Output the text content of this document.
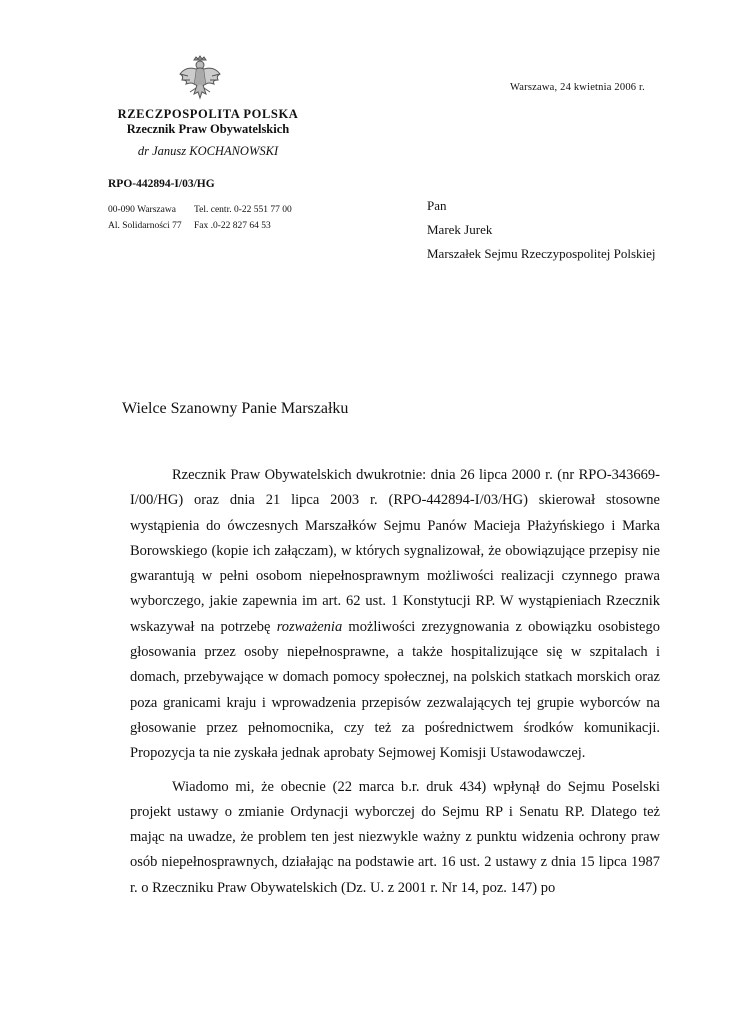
Warszawa, 24 kwietnia 2006 r.
RZECZPOSPOLITA POLSKA
Rzecznik Praw Obywatelskich
dr Janusz KOCHANOWSKI
RPO-442894-I/03/HG
00-090 Warszawa	Tel. centr. 0-22 551 77 00
Al. Solidarności 77	Fax .0-22 827 64 53
Pan
Marek Jurek
Marszałek Sejmu Rzeczypospolitej Polskiej
Wielce Szanowny Panie Marszałku

Rzecznik Praw Obywatelskich dwukrotnie: dnia 26 lipca 2000 r. (nr RPO-343669-I/00/HG) oraz dnia 21 lipca 2003 r. (RPO-442894-I/03/HG) skierował stosowne wystąpienia do ówczesnych Marszałków Sejmu Panów Macieja Płażyńskiego i Marka Borowskiego (kopie ich załączam), w których sygnalizował, że obowiązujące przepisy nie gwarantują w pełni osobom niepełnosprawnym możliwości realizacji czynnego prawa wyborczego, jakie zapewnia im art. 62 ust. 1 Konstytucji RP. W wystąpieniach Rzecznik wskazywał na potrzebę rozważenia możliwości zrezygnowania z obowiązku osobistego głosowania przez osoby niepełnosprawne, a także hospitalizujące się w szpitalach i domach, przebywające w domach pomocy społecznej, na polskich statkach morskich oraz poza granicami kraju i wprowadzenia przepisów zezwalających tej grupie wyborców na głosowanie przez pełnomocnika, czy też za pośrednictwem środków komunikacji. Propozycja ta nie zyskała jednak aprobaty Sejmowej Komisji Ustawodawczej.

Wiadomo mi, że obecnie (22 marca b.r. druk 434) wpłynął do Sejmu Poselski projekt ustawy o zmianie Ordynacji wyborczej do Sejmu RP i Senatu RP. Dlatego też mając na uwadze, że problem ten jest niezwykle ważny z punktu widzenia ochrony praw osób niepełnosprawnych, działając na podstawie art. 16 ust. 2 ustawy z dnia 15 lipca 1987 r. o Rzeczniku Praw Obywatelskich (Dz. U. z 2001 r. Nr 14, poz. 147) po
